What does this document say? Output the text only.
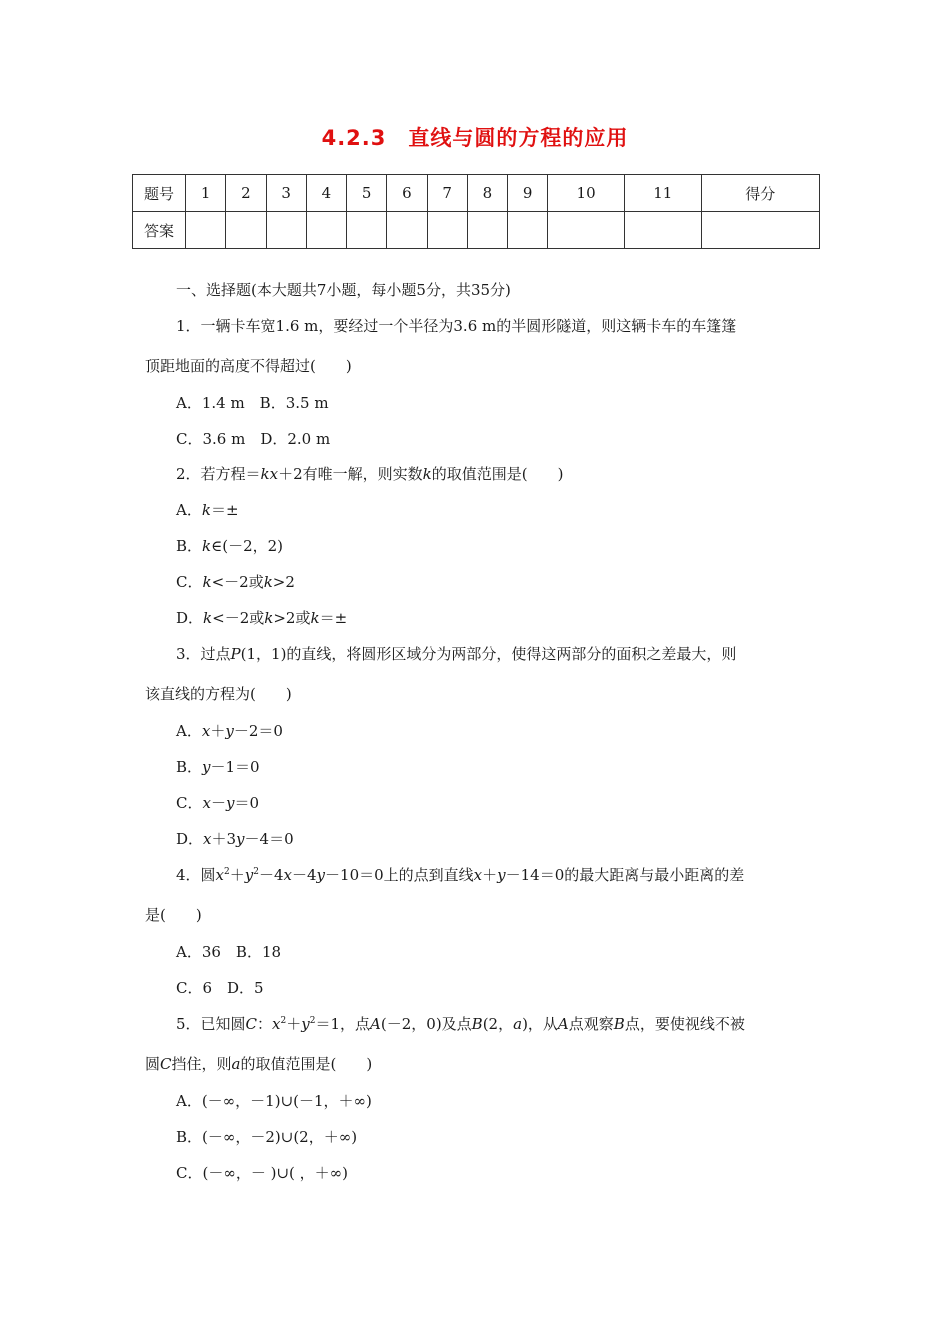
4.2.3　直线与圆的方程的应用
题号	1	2	3	4	5	6	7	8	9	10	11	得分
答案												
一、选择题(本大题共7小题，每小题5分，共35分)
1．一辆卡车宽1.6 m，要经过一个半径为3.6 m的半圆形隧道，则这辆卡车的车篷篷
顶距地面的高度不得超过(　　)
A．1.4 m　B．3.5 m
C．3.6 m　D．2.0 m
2．若方程＝kx＋2有唯一解，则实数k的取值范围是(　　)
A．k＝±
B．k∈(－2，2)
C．k<－2或k>2
D．k<－2或k>2或k＝±
3．过点P(1，1)的直线，将圆形区域分为两部分，使得这两部分的面积之差最大，则
该直线的方程为(　　)
A．x＋y－2＝0
B．y－1＝0
C．x－y＝0
D．x＋3y－4＝0
4．圆$x^2+y^2-4x-4y-10=0$上的点到直线x＋y－14＝0的最大距离与最小距离的差
是(　　)
A．36　B．18
C．6　D．5
5．已知圆C：$x^2+y^2=1$，点A(－2，0)及点B(2，a)，从A点观察B点，要使视线不被
圆C挡住，则a的取值范围是(　　)
A．(－∞，－1)∪(－1，＋∞)
B．(－∞，－2)∪(2，＋∞)
C．(－∞，－ )∪( ，＋∞)
